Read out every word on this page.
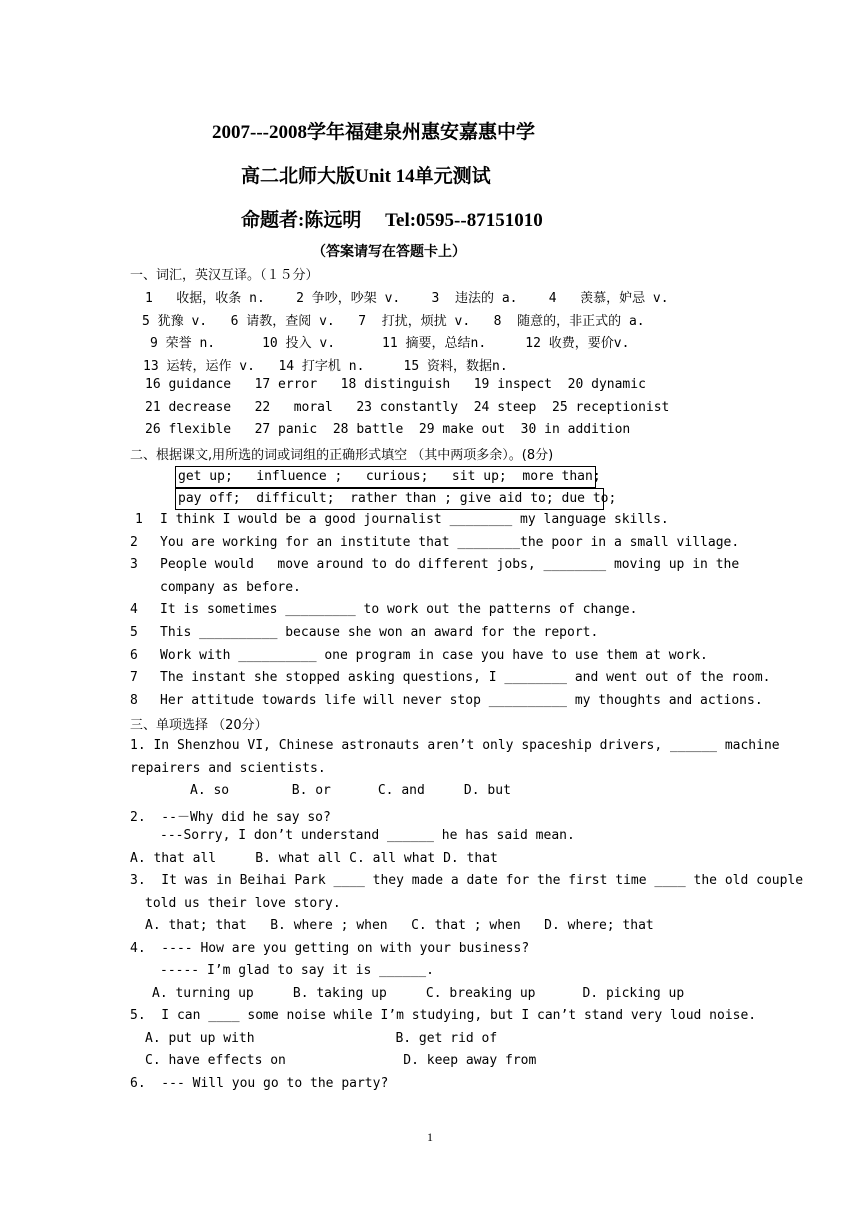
2007---2008学年福建泉州惠安嘉惠中学
高二北师大版Unit 14单元测试
命题者:陈远明     Tel:0595--87151010
（答案请写在答题卡上）
一、词汇，英汉互译。（１５分）
1   收据，收条 n.    2 争吵，吵架 v.    3  违法的 a.    4   羡慕，妒忌 v.
5 犹豫 v.   6 请教，查阅 v.   7  打扰，烦扰 v.   8  随意的，非正式的 a.
9 荣誉 n.      10 投入 v.      11 摘要，总结n.     12 收费，要价v.
13 运转，运作 v.   14 打字机 n.     15 资料，数据n.
16 guidance   17 error   18 distinguish   19 inspect  20 dynamic
21 decrease   22   moral   23 constantly  24 steep  25 receptionist
26 flexible   27 panic  28 battle  29 make out  30 in addition
二、根据课文,用所选的词或词组的正确形式填空 （其中两项多余）。(8分)
get up;   influence ;   curious;   sit up;  more than;
pay off;  difficult;  rather than ; give aid to; due to;
1 I think I would be a good journalist ________ my language skills.
2 You are working for an institute that ________the poor in a small village.
3 People would   move around to do different jobs, ________ moving up in the
company as before.
4 It is sometimes _________ to work out the patterns of change.
5 This __________ because she won an award for the report.
6 Work with __________ one program in case you have to use them at work.
7 The instant she stopped asking questions, I ________ and went out of the room.
8 Her attitude towards life will never stop __________ my thoughts and actions.
三、单项选择 （20分）
1. In Shenzhou VI, Chinese astronauts aren’t only spaceship drivers, ______ machine
repairers and scientists.
A. so        B. or      C. and     D. but
2.  --－Why did he say so?
---Sorry, I don’t understand ______ he has said mean.
A. that all     B. what all C. all what D. that
3.  It was in Beihai Park ____ they made a date for the first time ____ the old couple
told us their love story.
A. that; that   B. where ; when   C. that ; when   D. where; that
4.  ---- How are you getting on with your business?
----- I’m glad to say it is ______.
A. turning up     B. taking up     C. breaking up      D. picking up
5.  I can ____ some noise while I’m studying, but I can’t stand very loud noise.
A. put up with                  B. get rid of
C. have effects on               D. keep away from
6.  --- Will you go to the party?
1
